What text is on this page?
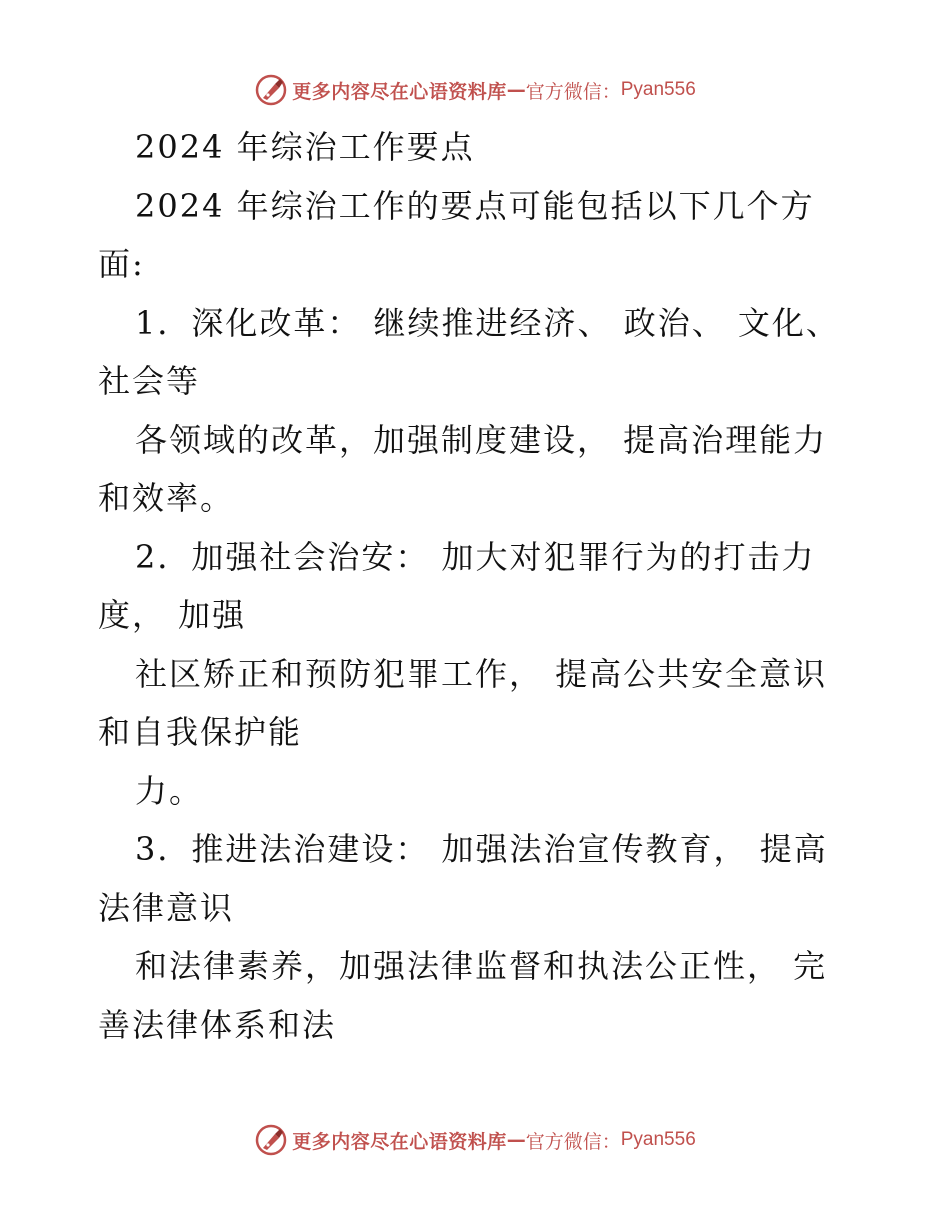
更多内容尽在心语资料库 — 官方微信： Pyan556
2024 年综治工作要点
2024 年综治工作的要点可能包括以下几个方
面:
1．深化改革： 继续推进经济、 政治、 文化、
社会等
各领域的改革，加强制度建设， 提高治理能力
和效率。
2．加强社会治安： 加大对犯罪行为的打击力
度， 加强
社区矫正和预防犯罪工作， 提高公共安全意识
和自我保护能
力。
3．推进法治建设： 加强法治宣传教育， 提高
法律意识
和法律素养，加强法律监督和执法公正性， 完
善法律体系和法
更多内容尽在心语资料库 — 官方微信： Pyan556
